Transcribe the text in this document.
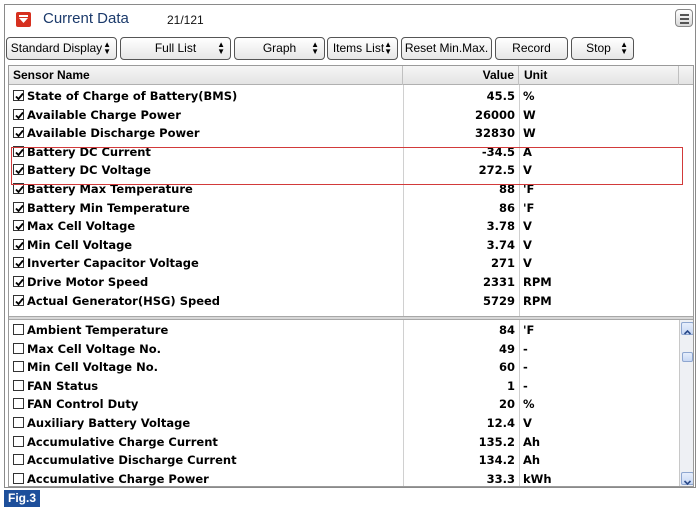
Current Data	21/121
Standard Display ▲
▼	Full List	▲
▼	Graph ▲
▼	Items List ▲
▼	Reset Min.Max.	Record	Stop ▲
▼
Sensor Name	Value Unit
State of Charge of Battery(BMS)	45.5 %
Available Charge Power	26000 W
Available Discharge Power	32830 W
Battery DC Current	-34.5 A
Battery DC Voltage	272.5 V
Battery Max Temperature	88 'F
Battery Min Temperature	86 'F
Max Cell Voltage	3.78 V
Min Cell Voltage	3.74 V
Inverter Capacitor Voltage	271 V
Drive Motor Speed	2331 RPM
Actual Generator(HSG) Speed	5729 RPM
Ambient Temperature	84 'F
Max Cell Voltage No.	49 -
Min Cell Voltage No.	60 -
FAN Status	1 -
FAN Control Duty	20 %
Auxiliary Battery Voltage	12.4 V
Accumulative Charge Current	135.2 Ah
Accumulative Discharge Current	134.2 Ah
Accumulative Charge Power	33.3 kWh
Fig.3
